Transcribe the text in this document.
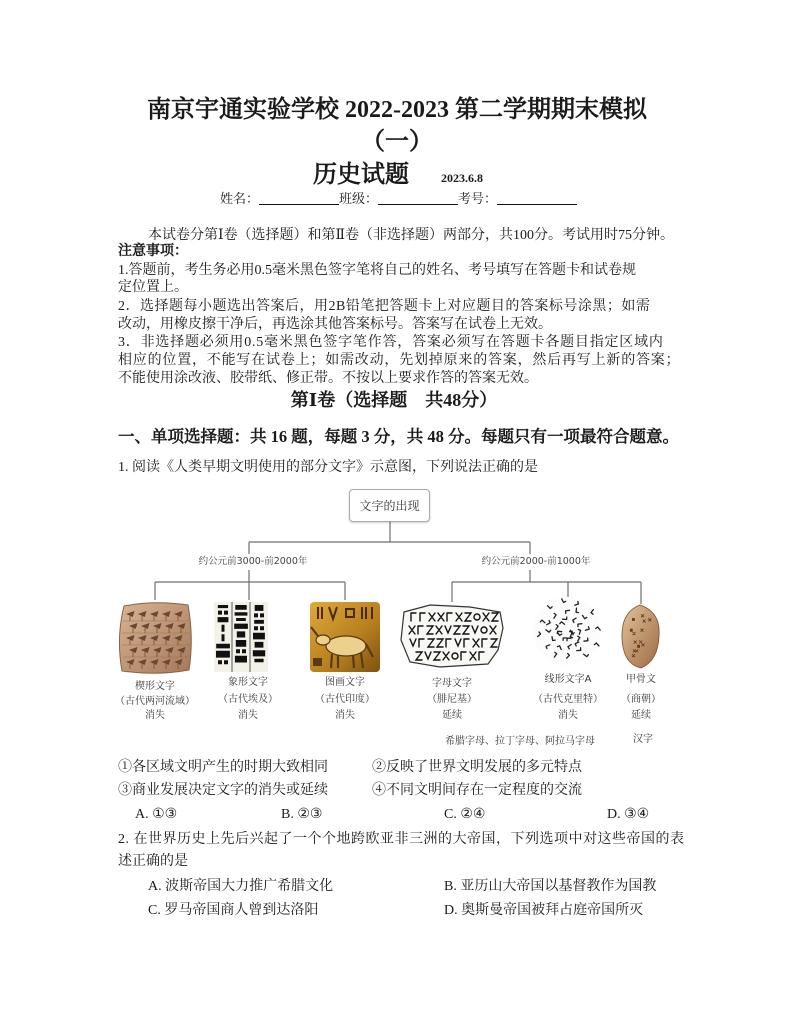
南京宇通实验学校 2022-2023 第二学期期末模拟
（一）
历史试题	2023.6.8
姓名：	班级：	考号：
本试卷分第Ⅰ卷（选择题）和第Ⅱ卷（非选择题）两部分，共100分。考试用时75分钟。
注意事项：
1.答题前，考生务必用0.5毫米黑色签字笔将自己的姓名、考号填写在答题卡和试卷规
定位置上。
2．选择题每小题选出答案后，用2B铅笔把答题卡上对应题目的答案标号涂黑；如需
改动，用橡皮擦干净后，再选涂其他答案标号。答案写在试卷上无效。
3．非选择题必须用0.5毫米黑色签字笔作答，答案必须写在答题卡各题目指定区域内
相应的位置，不能写在试卷上；如需改动，先划掉原来的答案，然后再写上新的答案；
不能使用涂改液、胶带纸、修正带。不按以上要求作答的答案无效。
第Ⅰ卷（选择题　共48分）
一、单项选择题：共 16 题，每题 3 分，共 48 分。每题只有一项最符合题意。
1. 阅读《人类早期文明使用的部分文字》示意图，下列说法正确的是
文字的出现
约公元前3000-前2000年	约公元前2000-前1000年
楔形文字
（古代两河流域）
消失
象形文字
（古代埃及）
消失
图画文字
（古代印度）
消失
字母文字
（腓尼基）
延续
线形文字A
（古代克里特）
消失
甲骨文
（商朝）
延续
希腊字母、拉丁字母、阿拉马字母	汉字
①各区域文明产生的时期大致相同	②反映了世界文明发展的多元特点
③商业发展决定文字的消失或延续	④不同文明间存在一定程度的交流
A. ①③	B. ②③	C. ②④	D. ③④
2. 在世界历史上先后兴起了一个个地跨欧亚非三洲的大帝国，下列选项中对这些帝国的表
述正确的是
A. 波斯帝国大力推广希腊文化	B. 亚历山大帝国以基督教作为国教
C. 罗马帝国商人曾到达洛阳	D. 奥斯曼帝国被拜占庭帝国所灭
